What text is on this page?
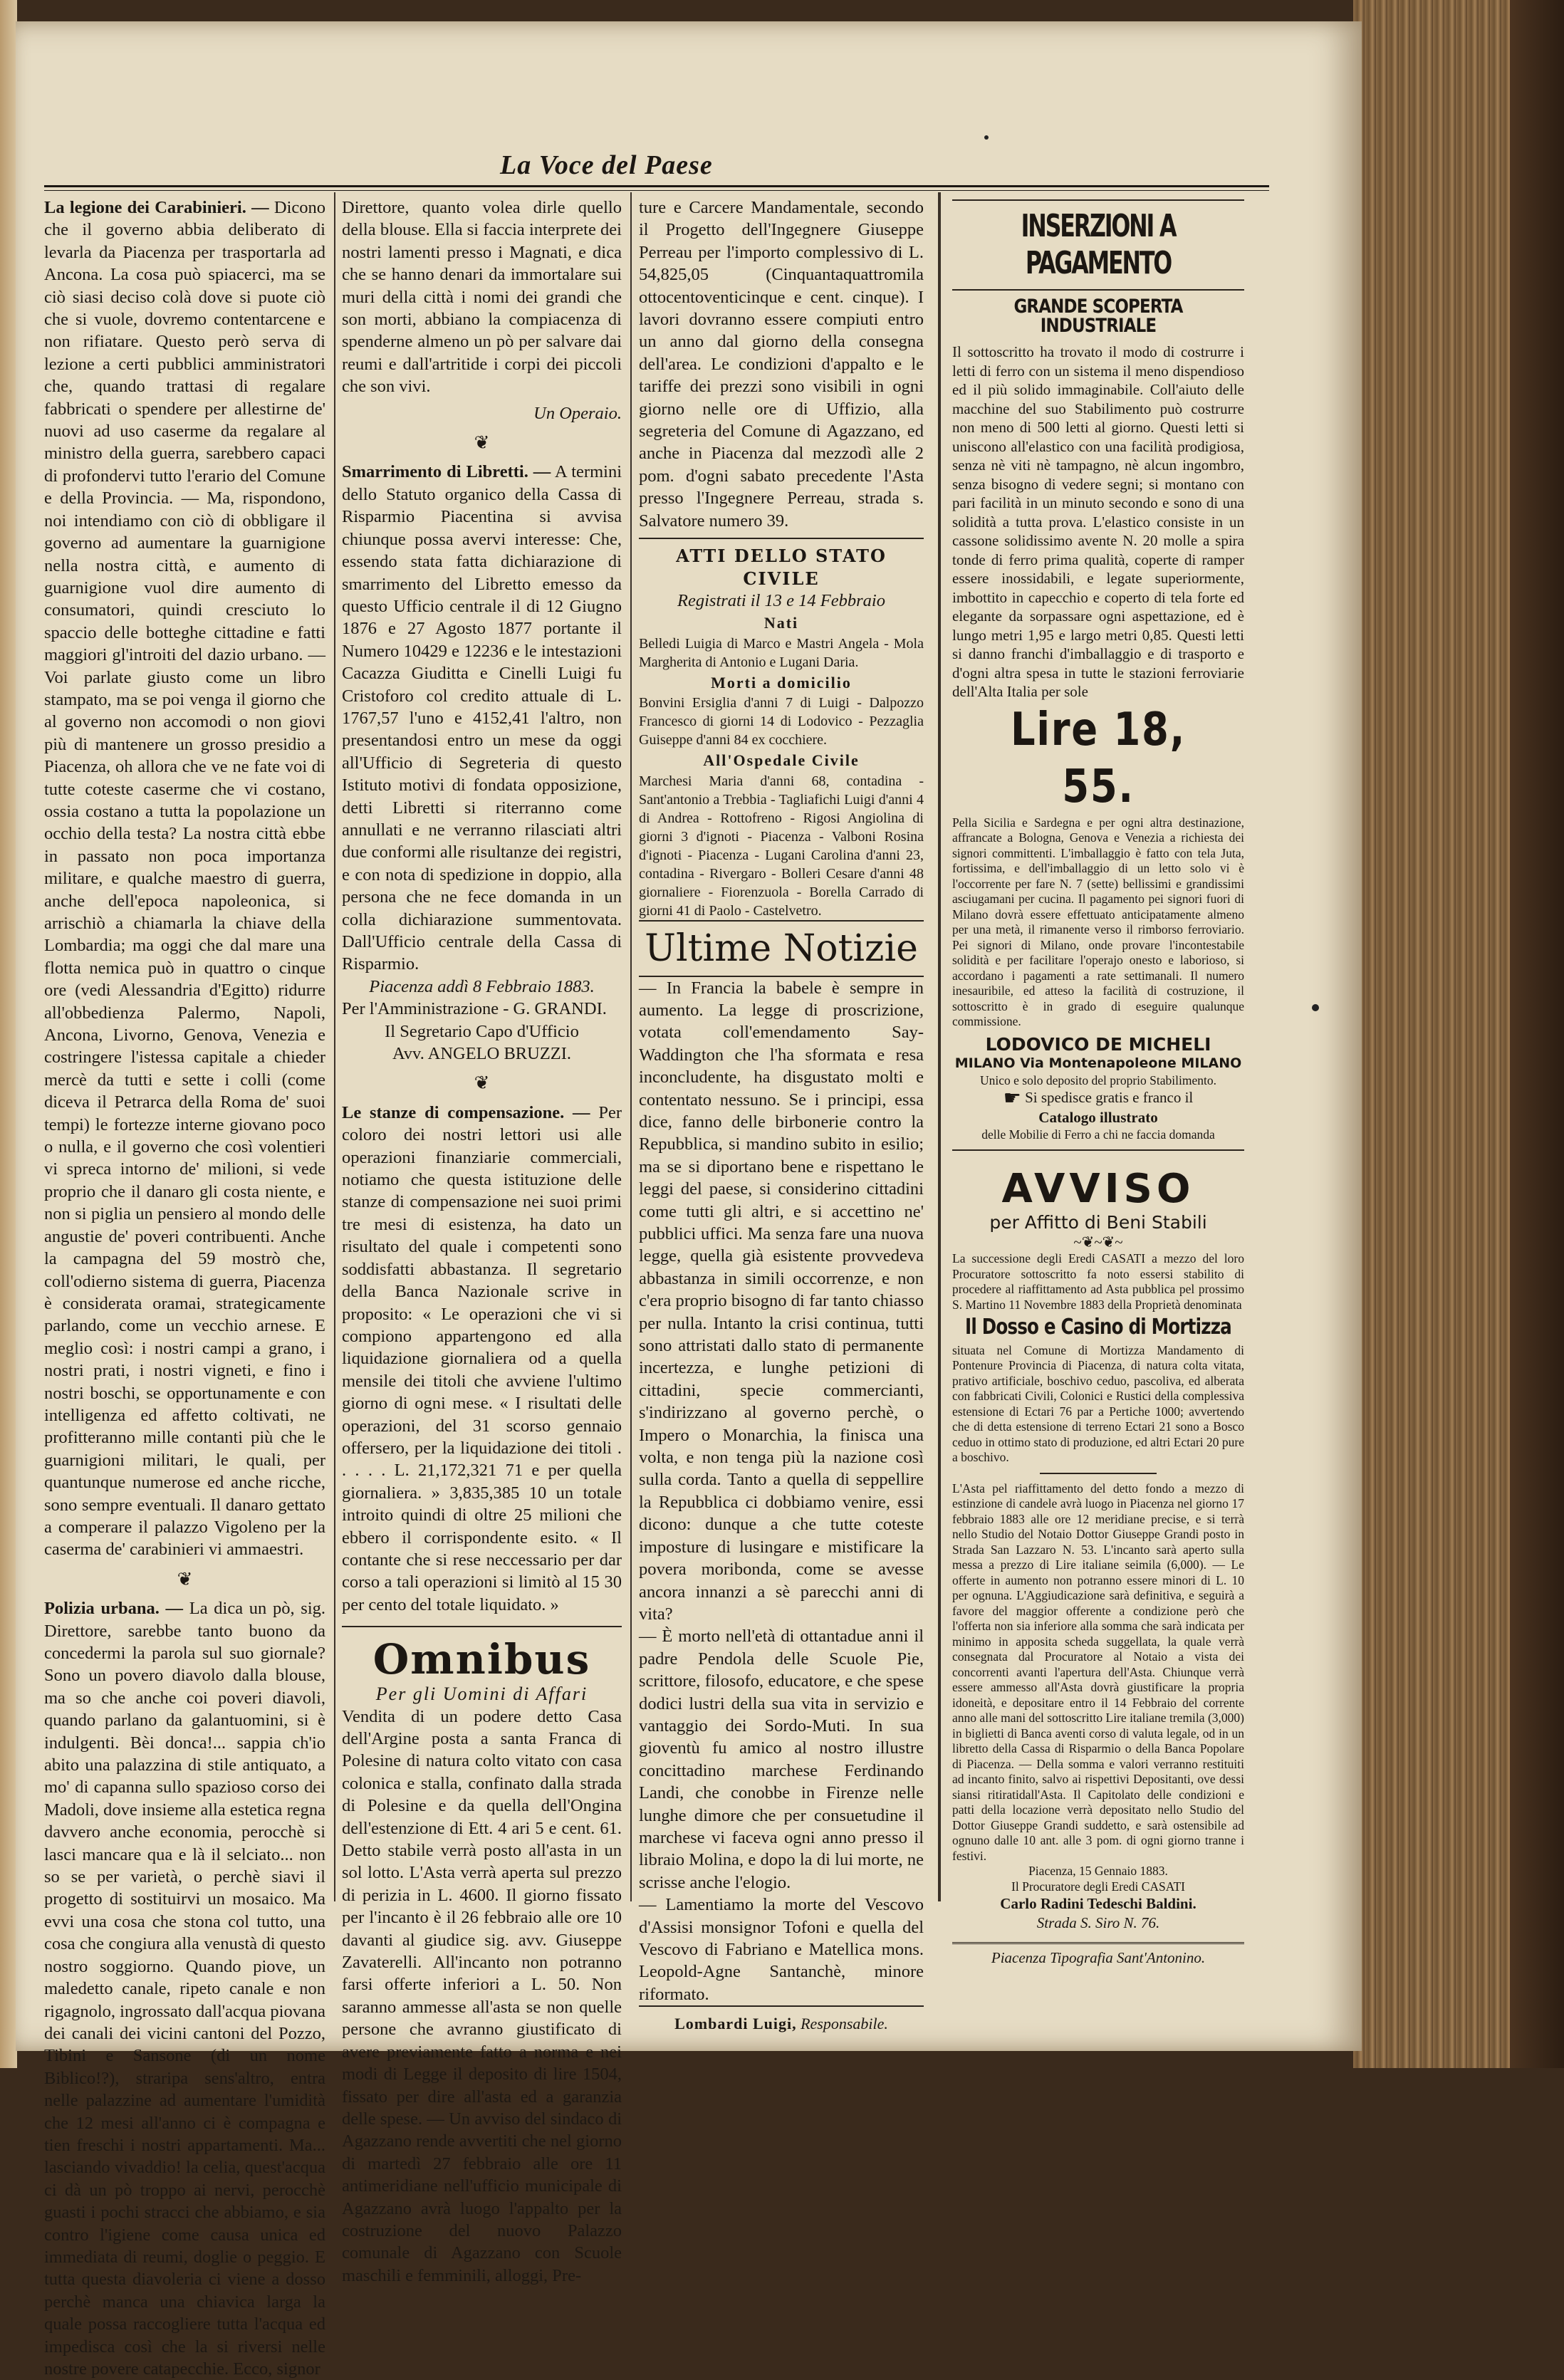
La Voce del Paese

La legione dei Carabinieri. — Dicono che il governo abbia deliberato di levarla da Piacenza per trasportarla ad Ancona. La cosa può spiacerci, ma se ciò siasi deciso colà dove si puote ciò che si vuole, dovremo contentarcene e non rifiatare. Questo però serva di lezione a certi pubblici amministratori che, quando trattasi di regalare fabbricati o spendere per allestirne de' nuovi ad uso caserme da regalare al ministro della guerra, sarebbero capaci di profondervi tutto l'erario del Comune e della Provincia. — Ma, rispondono, noi intendiamo con ciò di obbligare il governo ad aumentare la guarnigione nella nostra città, e aumento di guarnigione vuol dire aumento di consumatori, quindi cresciuto lo spaccio delle botteghe cittadine e fatti maggiori gl'introiti del dazio urbano. — Voi parlate giusto come un libro stampato, ma se poi venga il giorno che al governo non accomodi o non giovi più di mantenere un grosso presidio a Piacenza, oh allora che ve ne fate voi di tutte coteste caserme che vi costano, ossia costano a tutta la popolazione un occhio della testa? La nostra città ebbe in passato non poca importanza militare, e qualche maestro di guerra, anche dell'epoca napoleonica, si arrischiò a chiamarla la chiave della Lombardia; ma oggi che dal mare una flotta nemica può in quattro o cinque ore (vedi Alessandria d'Egitto) ridurre all'obbedienza Palermo, Napoli, Ancona, Livorno, Genova, Venezia e costringere l'istessa capitale a chieder mercè da tutti e sette i colli (come diceva il Petrarca della Roma de' suoi tempi) le fortezze interne giovano poco o nulla, e il governo che così volentieri vi spreca intorno de' milioni, si vede proprio che il danaro gli costa niente, e non si piglia un pensiero al mondo delle angustie de' poveri contribuenti. Anche la campagna del 59 mostrò che, coll'odierno sistema di guerra, Piacenza è considerata oramai, strategicamente parlando, come un vecchio arnese. E meglio così: i nostri campi a grano, i nostri prati, i nostri vigneti, e fino i nostri boschi, se opportunamente e con intelligenza ed affetto coltivati, ne profitteranno mille contanti più che le guarnigioni militari, le quali, per quantunque numerose ed anche ricche, sono sempre eventuali. Il danaro gettato a comperare il palazzo Vigoleno per la caserma de' carabinieri vi ammaestri.

❦

Polizia urbana. — La dica un pò, sig. Direttore, sarebbe tanto buono da concedermi la parola sul suo giornale? Sono un povero diavolo dalla blouse, ma so che anche coi poveri diavoli, quando parlano da galantuomini, si è indulgenti. Bèi donca!... sappia ch'io abito una palazzina di stile antiquato, a mo' di capanna sullo spazioso corso dei Madoli, dove insieme alla estetica regna davvero anche economia, perocchè si lasci mancare qua e là il selciato... non so se per varietà, o perchè siavi il progetto di sostituirvi un mosaico. Ma evvi una cosa che stona col tutto, una cosa che congiura alla venustà di questo nostro soggiorno. Quando piove, un maledetto canale, ripeto canale e non rigagnolo, ingrossato dall'acqua piovana dei canali dei vicini cantoni del Pozzo, Tibini e Sansone (di un nome Biblico!?), straripa sens'altro, entra nelle palazzine ad aumentare l'umidità che 12 mesi all'anno ci è compagna e tien freschi i nostri appartamenti. Ma... lasciando vivaddio! la celia, quest'acqua ci dà un pò troppo ai nervi, perocchè guasti i pochi stracci che abbiamo, e sia contro l'igiene come causa unica ed immediata di reumi, doglie o peggio. E tutta questa diavoleria ci viene a dosso perchè manca una chiavica larga la quale possa raccogliere tutta l'acqua ed impedisca così che la si riversi nelle nostre povere catapecchie. Ecco, signor

Direttore, quanto volea dirle quello della blouse. Ella si faccia interprete dei nostri lamenti presso i Magnati, e dica che se hanno denari da immortalare sui muri della città i nomi dei grandi che son morti, abbiano la compiacenza di spenderne almeno un pò per salvare dai reumi e dall'artritide i corpi dei piccoli che son vivi.

Un Operaio.

❦

Smarrimento di Libretti. — A termini dello Statuto organico della Cassa di Risparmio Piacentina si avvisa chiunque possa avervi interesse: Che, essendo stata fatta dichiarazione di smarrimento del Libretto emesso da questo Ufficio centrale il di 12 Giugno 1876 e 27 Agosto 1877 portante il Numero 10429 e 12236 e le intestazioni Cacazza Giuditta e Cinelli Luigi fu Cristoforo col credito attuale di L. 1767,57 l'uno e 4152,41 l'altro, non presentandosi entro un mese da oggi all'Ufficio di Segreteria di questo Istituto motivi di fondata opposizione, detti Libretti si riterranno come annullati e ne verranno rilasciati altri due conformi alle risultanze dei registri, e con nota di spedizione in doppio, alla persona che ne fece domanda in un colla dichiarazione summentovata. Dall'Ufficio centrale della Cassa di Risparmio.

Piacenza addì 8 Febbraio 1883.

Per l'Amministrazione - G. GRANDI.

Il Segretario Capo d'Ufficio

Avv. ANGELO BRUZZI.

❦

Le stanze di compensazione. — Per coloro dei nostri lettori usi alle operazioni finanziarie commerciali, notiamo che questa istituzione delle stanze di compensazione nei suoi primi tre mesi di esistenza, ha dato un risultato del quale i competenti sono soddisfatti abbastanza. Il segretario della Banca Nazionale scrive in proposito: « Le operazioni che vi si compiono appartengono ed alla liquidazione giornaliera od a quella mensile dei titoli che avviene l'ultimo giorno di ogni mese. « I risultati delle operazioni, del 31 scorso gennaio offersero, per la liquidazione dei titoli . . . . . L. 21,172,321 71 e per quella giornaliera. » 3,835,385 10 un totale introito quindi di oltre 25 milioni che ebbero il corrispondente esito. « Il contante che si rese neccessario per dar corso a tali operazioni si limitò al 15 30 per cento del totale liquidato. »

Omnibus

Per gli Uomini di Affari

Vendita di un podere detto Casa dell'Argine posta a santa Franca di Polesine di natura colto vitato con casa colonica e stalla, confinato dalla strada di Polesine e da quella dell'Ongina dell'estenzione di Ett. 4 ari 5 e cent. 61. Detto stabile verrà posto all'asta in un sol lotto. L'Asta verrà aperta sul prezzo di perizia in L. 4600. Il giorno fissato per l'incanto è il 26 febbraio alle ore 10 davanti al giudice sig. avv. Giuseppe Zavaterelli. All'incanto non potranno farsi offerte inferiori a L. 50. Non saranno ammesse all'asta se non quelle persone che avranno giustificato di avere previamente fatto a norma e nei modi di Legge il deposito di lire 1504, fissato per dire all'asta ed a garanzia delle spese. — Un avviso del sindaco di Agazzano rende avvertiti che nel giorno di martedì 27 febbraio alle ore 11 antimeridiane nell'ufficio municipale di Agazzano avrà luogo l'appalto per la costruzione del nuovo Palazzo comunale di Agazzano con Scuole maschili e femminili, alloggi, Pre-

ture e Carcere Mandamentale, secondo il Progetto dell'Ingegnere Giuseppe Perreau per l'importo complessivo di L. 54,825,05 (Cinquantaquattromila ottocentoventicinque e cent. cinque). I lavori dovranno essere compiuti entro un anno dal giorno della consegna dell'area. Le condizioni d'appalto e le tariffe dei prezzi sono visibili in ogni giorno nelle ore di Uffizio, alla segreteria del Comune di Agazzano, ed anche in Piacenza dal mezzodì alle 2 pom. d'ogni sabato precedente l'Asta presso l'Ingegnere Perreau, strada s. Salvatore numero 39.

ATTI DELLO STATO CIVILE

Registrati il 13 e 14 Febbraio

Nati

Belledi Luigia di Marco e Mastri Angela - Mola Margherita di Antonio e Lugani Daria.

Morti a domicilio

Bonvini Ersiglia d'anni 7 di Luigi - Dalpozzo Francesco di giorni 14 di Lodovico - Pezzaglia Guiseppe d'anni 84 ex cocchiere.

All'Ospedale Civile

Marchesi Maria d'anni 68, contadina - Sant'antonio a Trebbia - Tagliafichi Luigi d'anni 4 di Andrea - Rottofreno - Rigosi Angiolina di giorni 3 d'ignoti - Piacenza - Valboni Rosina d'ignoti - Piacenza - Lugani Carolina d'anni 23, contadina - Rivergaro - Bolleri Cesare d'anni 48 giornaliere - Fiorenzuola - Borella Carrado di giorni 41 di Paolo - Castelvetro.

Ultime Notizie

— In Francia la babele è sempre in aumento. La legge di proscrizione, votata coll'emendamento Say-Waddington che l'ha sformata e resa inconcludente, ha disgustato molti e contentato nessuno. Se i principi, essa dice, fanno delle birbonerie contro la Repubblica, si mandino subito in esilio; ma se si diportano bene e rispettano le leggi del paese, si considerino cittadini come tutti gli altri, e si accettino ne' pubblici uffici. Ma senza fare una nuova legge, quella già esistente provvedeva abbastanza in simili occorrenze, e non c'era proprio bisogno di far tanto chiasso per nulla. Intanto la crisi continua, tutti sono attristati dallo stato di permanente incertezza, e lunghe petizioni di cittadini, specie commercianti, s'indirizzano al governo perchè, o Impero o Monarchia, la finisca una volta, e non tenga più la nazione così sulla corda. Tanto a quella di seppellire la Repubblica ci dobbiamo venire, essi dicono: dunque a che tutte coteste imposture di lusingare e mistificare la povera moribonda, come se avesse ancora innanzi a sè parecchi anni di vita?

— È morto nell'età di ottantadue anni il padre Pendola delle Scuole Pie, scrittore, filosofo, educatore, e che spese dodici lustri della sua vita in servizio e vantaggio dei Sordo-Muti. In sua gioventù fu amico al nostro illustre concittadino marchese Ferdinando Landi, che conobbe in Firenze nelle lunghe dimore che per consuetudine il marchese vi faceva ogni anno presso il libraio Molina, e dopo la di lui morte, ne scrisse anche l'elogio.

— Lamentiamo la morte del Vescovo d'Assisi monsignor Tofoni e quella del Vescovo di Fabriano e Matellica mons. Leopold-Agne Santanchè, minore riformato.

Lombardi Luigi, Responsabile.

INSERZIONI A PAGAMENTO

GRANDE SCOPERTA INDUSTRIALE

Il sottoscritto ha trovato il modo di costrurre i letti di ferro con un sistema il meno dispendioso ed il più solido immaginabile. Coll'aiuto delle macchine del suo Stabilimento può costrurre non meno di 500 letti al giorno. Questi letti si uniscono all'elastico con una facilità prodigiosa, senza nè viti nè tampagno, nè alcun ingombro, senza bisogno di vedere segni; si montano con pari facilità in un minuto secondo e sono di una solidità a tutta prova. L'elastico consiste in un cassone solidissimo avente N. 20 molle a spira tonde di ferro prima qualità, coperte di ramper essere inossidabili, e legate superiormente, imbottito in capecchio e coperto di tela forte ed elegante da sorpassare ogni aspettazione, ed è lungo metri 1,95 e largo metri 0,85. Questi letti si danno franchi d'imballaggio e di trasporto e d'ogni altra spesa in tutte le stazioni ferroviarie dell'Alta Italia per sole

Lire 18, 55.

Pella Sicilia e Sardegna e per ogni altra destinazione, affrancate a Bologna, Genova e Venezia a richiesta dei signori committenti. L'imballaggio è fatto con tela Juta, fortissima, e dell'imballaggio di un letto solo vi è l'occorrente per fare N. 7 (sette) bellissimi e grandissimi asciugamani per cucina. Il pagamento pei signori fuori di Milano dovrà essere effettuato anticipatamente almeno per una metà, il rimanente verso il rimborso ferroviario. Pei signori di Milano, onde provare l'incontestabile solidità e per facilitare l'operajo onesto e laborioso, si accordano i pagamenti a rate settimanali. Il numero inesauribile, ed atteso la facilità di costruzione, il sottoscritto è in grado di eseguire qualunque commissione.

LODOVICO DE MICHELI

MILANO Via Montenapoleone MILANO

Unico e solo deposito del proprio Stabilimento.

☛ Si spedisce gratis e franco il

Catalogo illustrato

delle Mobilie di Ferro a chi ne faccia domanda

AVVISO

per Affitto di Beni Stabili

~❦~❦~

La successione degli Eredi CASATI a mezzo del loro Procuratore sottoscritto fa noto essersi stabilito di procedere al riaffittamento ad Asta pubblica pel prossimo S. Martino 11 Novembre 1883 della Proprietà denominata

Il Dosso e Casino di Mortizza

situata nel Comune di Mortizza Mandamento di Pontenure Provincia di Piacenza, di natura colta vitata, prativo artificiale, boschivo ceduo, pascoliva, ed alberata con fabbricati Civili, Colonici e Rustici della complessiva estensione di Ectari 76 par a Pertiche 1000; avvertendo che di detta estensione di terreno Ectari 21 sono a Bosco ceduo in ottimo stato di produzione, ed altri Ectari 20 pure a boschivo.

L'Asta pel riaffittamento del detto fondo a mezzo di estinzione di candele avrà luogo in Piacenza nel giorno 17 febbraio 1883 alle ore 12 meridiane precise, e si terrà nello Studio del Notaio Dottor Giuseppe Grandi posto in Strada San Lazzaro N. 53. L'incanto sarà aperto sulla messa a prezzo di Lire italiane seimila (6,000). — Le offerte in aumento non potranno essere minori di L. 10 per ognuna. L'Aggiudicazione sarà definitiva, e seguirà a favore del maggior offerente a condizione però che l'offerta non sia inferiore alla somma che sarà indicata per minimo in apposita scheda suggellata, la quale verrà consegnata dal Procuratore al Notaio a vista dei concorrenti avanti l'apertura dell'Asta. Chiunque verrà essere ammesso all'Asta dovrà giustificare la propria idoneità, e depositare entro il 14 Febbraio del corrente anno alle mani del sottoscritto Lire italiane tremila (3,000) in biglietti di Banca aventi corso di valuta legale, od in un libretto della Cassa di Risparmio o della Banca Popolare di Piacenza. — Della somma e valori verranno restituiti ad incanto finito, salvo ai rispettivi Depositanti, ove dessi siansi ritiratidall'Asta. Il Capitolato delle condizioni e patti della locazione verrà depositato nello Studio del Dottor Giuseppe Grandi suddetto, e sarà ostensibile ad ognuno dalle 10 ant. alle 3 pom. di ogni giorno tranne i festivi.

Piacenza, 15 Gennaio 1883.

Il Procuratore degli Eredi CASATI

Carlo Radini Tedeschi Baldini.

Strada S. Siro N. 76.

Piacenza Tipografia Sant'Antonino.
